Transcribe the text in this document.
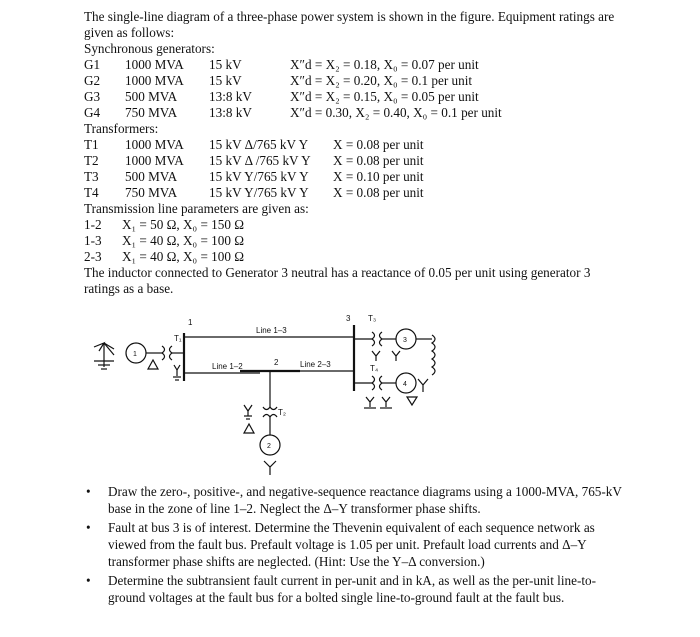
The single-line diagram of a three-phase power system is shown in the figure. Equipment ratings are given as follows:
Synchronous generators:
G1 1000 MVA 15 kV	X″d = X₂ = 0.18, X₀ = 0.07 per unit
G2 1000 MVA 15 kV	X″d = X₂ = 0.20, X₀ = 0.1 per unit
G3 500 MVA 13:8 kV	X″d = X₂ = 0.15, X₀ = 0.05 per unit
G4 750 MVA 13:8 kV	X″d = 0.30, X₂ = 0.40, X₀ = 0.1 per unit
Transformers:
T1 1000 MVA 15 kV Δ/765 kV Y X = 0.08 per unit
T2 1000 MVA 15 kV Δ /765 kV Y X = 0.08 per unit
T3 500 MVA 15 kV Y/765 kV Y X = 0.10 per unit
T4 750 MVA 15 kV Y/765 kV Y X = 0.08 per unit
Transmission line parameters are given as:
1-2 X₁ = 50 Ω, X₀ = 150 Ω
1-3 X₁ = 40 Ω, X₀ = 100 Ω
2-3 X₁ = 40 Ω, X₀ = 100 Ω
The inductor connected to Generator 3 neutral has a reactance of 0.05 per unit using generator 3 ratings as a base.
1
2
3
Line 1–3
Line 1–2	Line 2–3
T₁
T₂
T₃
T₄
1
2
3
4
• Draw the zero-, positive-, and negative-sequence reactance diagrams using a 1000-MVA, 765-kV base in the zone of line 1–2. Neglect the Δ–Y transformer phase shifts.
• Fault at bus 3 is of interest. Determine the Thevenin equivalent of each sequence network as viewed from the fault bus. Prefault voltage is 1.05 per unit. Prefault load currents and Δ–Y transformer phase shifts are neglected. (Hint: Use the Y–Δ conversion.)
• Determine the subtransient fault current in per-unit and in kA, as well as the per-unit line-to-ground voltages at the fault bus for a bolted single line-to-ground fault at the fault bus.
